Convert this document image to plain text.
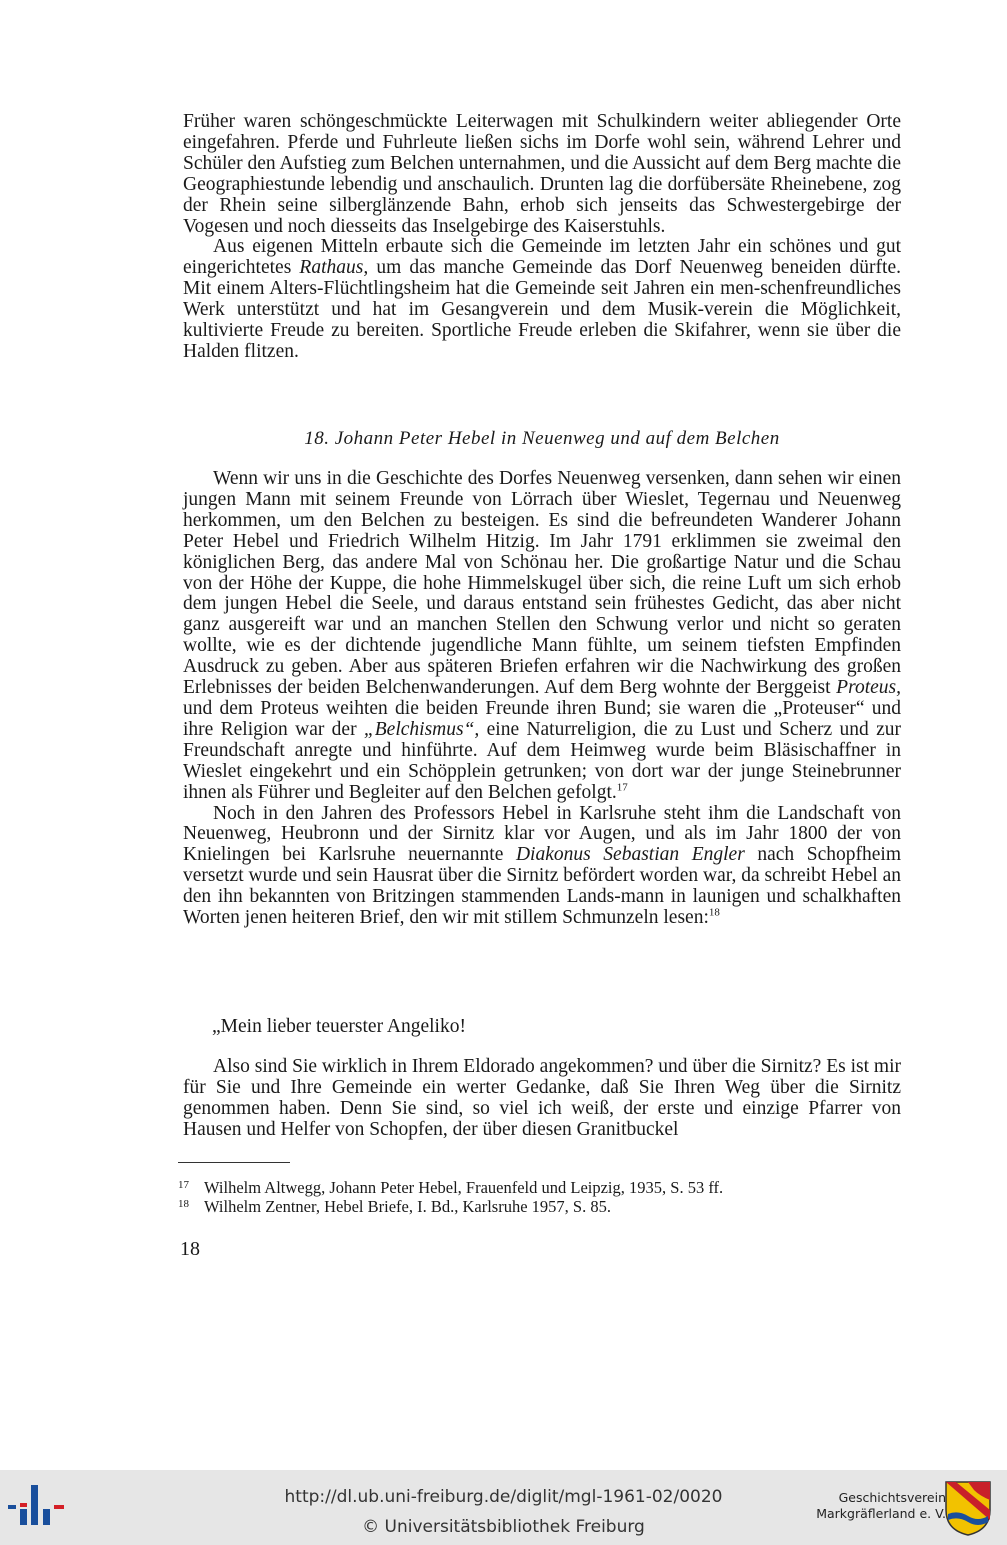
Früher waren schöngeschmückte Leiterwagen mit Schulkindern weiter abliegender Orte eingefahren. Pferde und Fuhrleute ließen sichs im Dorfe wohl sein, während Lehrer und Schüler den Aufstieg zum Belchen unternahmen, und die Aussicht auf dem Berg machte die Geographiestunde lebendig und anschaulich. Drunten lag die dorfübersäte Rheinebene, zog der Rhein seine silberglänzende Bahn, erhob sich jenseits das Schwestergebirge der Vogesen und noch diesseits das Inselgebirge des Kaiserstuhls.

Aus eigenen Mitteln erbaute sich die Gemeinde im letzten Jahr ein schönes und gut eingerichtetes Rathaus, um das manche Gemeinde das Dorf Neuenweg beneiden dürfte. Mit einem Alters-Flüchtlingsheim hat die Gemeinde seit Jahren ein men-schenfreundliches Werk unterstützt und hat im Gesangverein und dem Musik-verein die Möglichkeit, kultivierte Freude zu bereiten. Sportliche Freude erleben die Skifahrer, wenn sie über die Halden flitzen.

18. Johann Peter Hebel in Neuenweg und auf dem Belchen

Wenn wir uns in die Geschichte des Dorfes Neuenweg versenken, dann sehen wir einen jungen Mann mit seinem Freunde von Lörrach über Wieslet, Tegernau und Neuenweg herkommen, um den Belchen zu besteigen. Es sind die befreundeten Wanderer Johann Peter Hebel und Friedrich Wilhelm Hitzig. Im Jahr 1791 erklimmen sie zweimal den königlichen Berg, das andere Mal von Schönau her. Die großartige Natur und die Schau von der Höhe der Kuppe, die hohe Himmelskugel über sich, die reine Luft um sich erhob dem jungen Hebel die Seele, und daraus entstand sein frühestes Gedicht, das aber nicht ganz ausgereift war und an manchen Stellen den Schwung verlor und nicht so geraten wollte, wie es der dichtende jugendliche Mann fühlte, um seinem tiefsten Empfinden Ausdruck zu geben. Aber aus späteren Briefen erfahren wir die Nachwirkung des großen Erlebnisses der beiden Belchenwanderungen. Auf dem Berg wohnte der Berggeist Proteus, und dem Proteus weihten die beiden Freunde ihren Bund; sie waren die „Proteuser“ und ihre Religion war der „Belchismus“, eine Naturreligion, die zu Lust und Scherz und zur Freundschaft anregte und hinführte. Auf dem Heimweg wurde beim Bläsischaffner in Wieslet eingekehrt und ein Schöpplein getrunken; von dort war der junge Steinebrunner ihnen als Führer und Begleiter auf den Belchen gefolgt.$^{17}$

Noch in den Jahren des Professors Hebel in Karlsruhe steht ihm die Landschaft von Neuenweg, Heubronn und der Sirnitz klar vor Augen, und als im Jahr 1800 der von Knielingen bei Karlsruhe neuernannte Diakonus Sebastian Engler nach Schopfheim versetzt wurde und sein Hausrat über die Sirnitz befördert worden war, da schreibt Hebel an den ihn bekannten von Britzingen stammenden Lands-mann in launigen und schalkhaften Worten jenen heiteren Brief, den wir mit stillem Schmunzeln lesen:$^{18}$

„Mein lieber teuerster Angeliko!

Also sind Sie wirklich in Ihrem Eldorado angekommen? und über die Sirnitz? Es ist mir für Sie und Ihre Gemeinde ein werter Gedanke, daß Sie Ihren Weg über die Sirnitz genommen haben. Denn Sie sind, so viel ich weiß, der erste und einzige Pfarrer von Hausen und Helfer von Schopfen, der über diesen Granitbuckel

17 Wilhelm Altwegg, Johann Peter Hebel, Frauenfeld und Leipzig, 1935, S. 53 ff.
18 Wilhelm Zentner, Hebel Briefe, I. Bd., Karlsruhe 1957, S. 85.
18
http://dl.ub.uni-freiburg.de/diglit/mgl-1961-02/0020
© Universitätsbibliothek Freiburg
Geschichtsverein
Markgräflerland e. V.
